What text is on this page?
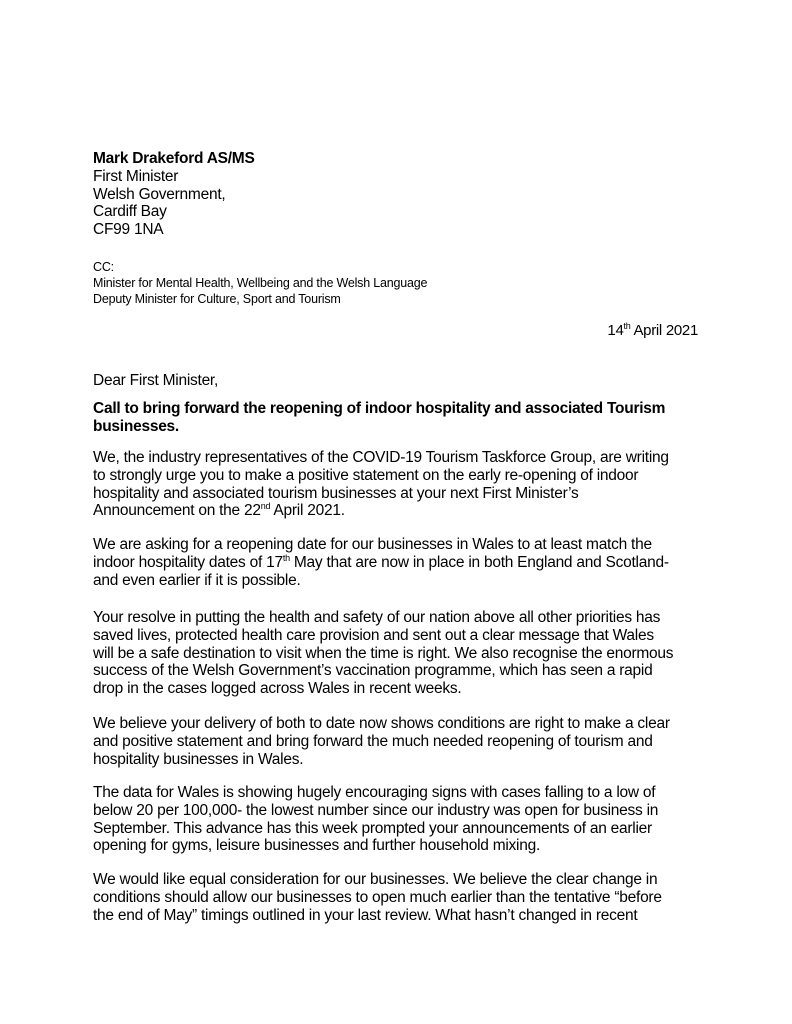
Mark Drakeford AS/MS
First Minister
Welsh Government,
Cardiff Bay
CF99 1NA
CC:
Minister for Mental Health, Wellbeing and the Welsh Language
Deputy Minister for Culture, Sport and Tourism
14th April 2021
Dear First Minister,
Call to bring forward the reopening of indoor hospitality and associated Tourism
businesses.
We, the industry representatives of the COVID-19 Tourism Taskforce Group, are writing
to strongly urge you to make a positive statement on the early re-opening of indoor
hospitality and associated tourism businesses at your next First Minister’s
Announcement on the 22nd April 2021.
We are asking for a reopening date for our businesses in Wales to at least match the
indoor hospitality dates of 17th May that are now in place in both England and Scotland-
and even earlier if it is possible.
Your resolve in putting the health and safety of our nation above all other priorities has
saved lives, protected health care provision and sent out a clear message that Wales
will be a safe destination to visit when the time is right. We also recognise the enormous
success of the Welsh Government’s vaccination programme, which has seen a rapid
drop in the cases logged across Wales in recent weeks.
We believe your delivery of both to date now shows conditions are right to make a clear
and positive statement and bring forward the much needed reopening of tourism and
hospitality businesses in Wales.
The data for Wales is showing hugely encouraging signs with cases falling to a low of
below 20 per 100,000- the lowest number since our industry was open for business in
September. This advance has this week prompted your announcements of an earlier
opening for gyms, leisure businesses and further household mixing.
We would like equal consideration for our businesses. We believe the clear change in
conditions should allow our businesses to open much earlier than the tentative “before
the end of May” timings outlined in your last review. What hasn’t changed in recent
